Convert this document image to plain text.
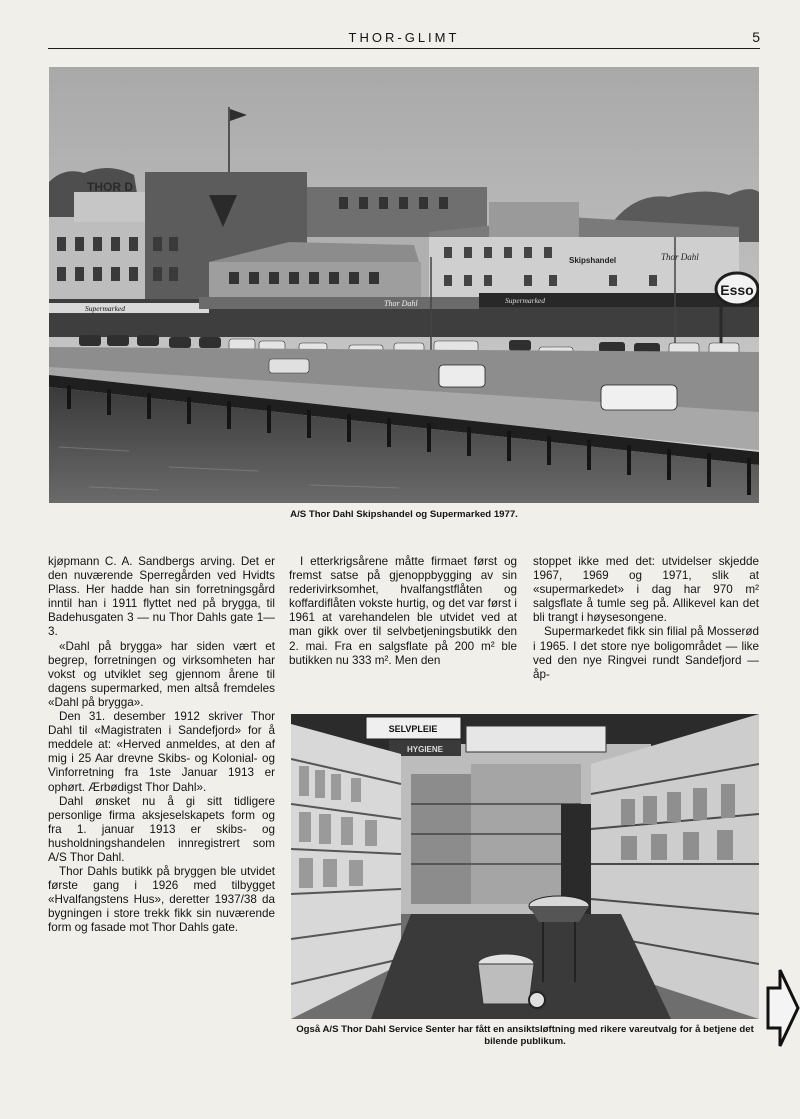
THOR-GLIMT	5
THOR D
Skipshandel	Thor Dahl
Supermarked
Thor Dahl	Supermarked
Esso
A/S Thor Dahl Skipshandel og Supermarked 1977.

kjøpmann C. A. Sandbergs arving. Det er den nuværende Sperregården ved Hvidts Plass. Her hadde han sin forretningsgård inntil han i 1911 flyttet ned på brygga, til Badehusgaten 3 — nu Thor Dahls gate 1—3.

«Dahl på brygga» har siden vært et begrep, forretningen og virksomheten har vokst og utviklet seg gjennom årene til dagens supermarked, men altså fremdeles «Dahl på brygga».

Den 31. desember 1912 skriver Thor Dahl til «Magistraten i Sandefjord» for å meddele at: «Herved anmeldes, at den af mig i 25 Aar drevne Skibs- og Kolonial- og Vinforretning fra 1ste Januar 1913 er ophørt. Ærbødigst Thor Dahl».

Dahl ønsket nu å gi sitt tidligere personlige firma aksjeselskapets form og fra 1. januar 1913 er skibs- og husholdningshandelen innregistrert som A/S Thor Dahl.

Thor Dahls butikk på bryggen ble utvidet første gang i 1926 med tilbygget «Hvalfangstens Hus», deretter 1937/38 da bygningen i store trekk fikk sin nuværende form og fasade mot Thor Dahls gate.

I etterkrigsårene måtte firmaet først og fremst satse på gjenoppbygging av sin rederivirksomhet, hvalfangstflåten og koffardiflåten vokste hurtig, og det var først i 1961 at varehandelen ble utvidet ved at man gikk over til selvbetjeningsbutikk den 2. mai. Fra en salgsflate på 200 m² ble butikken nu 333 m². Men den

stoppet ikke med det: utvidelser skjedde 1967, 1969 og 1971, slik at «supermarkedet» i dag har 970 m² salgsflate å tumle seg på. Allikevel kan det bli trangt i høysesongene.

Supermarkedet fikk sin filial på Mosserød i 1965. I det store nye boligområdet — like ved den nye Ringvei rundt Sandefjord — åp-

SELVPLEIE
HYGIENE
Også A/S Thor Dahl Service Senter har fått en ansiktsløftning med rikere vareutvalg for å betjene det bilende publikum.
